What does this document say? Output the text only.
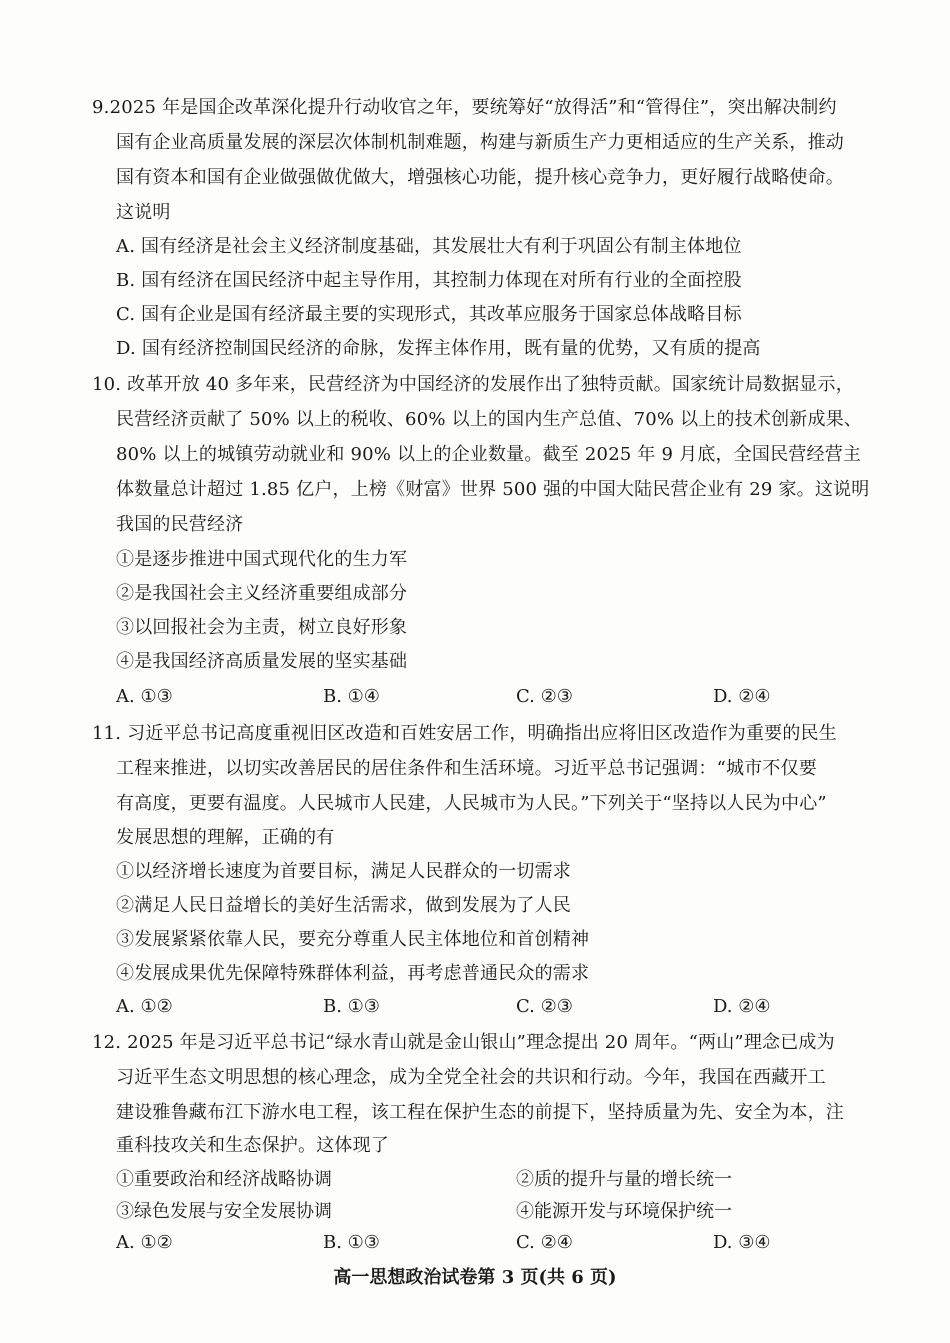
9.2025 年是国企改革深化提升行动收官之年，要统筹好“放得活”和“管得住”，突出解决制约
国有企业高质量发展的深层次体制机制难题，构建与新质生产力更相适应的生产关系，推动
国有资本和国有企业做强做优做大，增强核心功能，提升核心竞争力，更好履行战略使命。
这说明
A. 国有经济是社会主义经济制度基础，其发展壮大有利于巩固公有制主体地位
B. 国有经济在国民经济中起主导作用，其控制力体现在对所有行业的全面控股
C. 国有企业是国有经济最主要的实现形式，其改革应服务于国家总体战略目标
D. 国有经济控制国民经济的命脉，发挥主体作用，既有量的优势，又有质的提高
10. 改革开放 40 多年来，民营经济为中国经济的发展作出了独特贡献。国家统计局数据显示，
民营经济贡献了 50% 以上的税收、60% 以上的国内生产总值、70% 以上的技术创新成果、
80% 以上的城镇劳动就业和 90% 以上的企业数量。截至 2025 年 9 月底，全国民营经营主
体数量总计超过 1.85 亿户，上榜《财富》世界 500 强的中国大陆民营企业有 29 家。这说明
我国的民营经济
①是逐步推进中国式现代化的生力军
②是我国社会主义经济重要组成部分
③以回报社会为主责，树立良好形象
④是我国经济高质量发展的坚实基础
A. ①③	B. ①④	C. ②③	D. ②④
11. 习近平总书记高度重视旧区改造和百姓安居工作，明确指出应将旧区改造作为重要的民生
工程来推进，以切实改善居民的居住条件和生活环境。习近平总书记强调：“城市不仅要
有高度，更要有温度。人民城市人民建，人民城市为人民。”下列关于“坚持以人民为中心”
发展思想的理解，正确的有
①以经济增长速度为首要目标，满足人民群众的一切需求
②满足人民日益增长的美好生活需求，做到发展为了人民
③发展紧紧依靠人民，要充分尊重人民主体地位和首创精神
④发展成果优先保障特殊群体利益，再考虑普通民众的需求
A. ①②	B. ①③	C. ②③	D. ②④
12. 2025 年是习近平总书记“绿水青山就是金山银山”理念提出 20 周年。“两山”理念已成为
习近平生态文明思想的核心理念，成为全党全社会的共识和行动。今年，我国在西藏开工
建设雅鲁藏布江下游水电工程，该工程在保护生态的前提下，坚持质量为先、安全为本，注
重科技攻关和生态保护。这体现了
①重要政治和经济战略协调	②质的提升与量的增长统一
③绿色发展与安全发展协调	④能源开发与环境保护统一
A. ①②	B. ①③	C. ②④	D. ③④
高一思想政治试卷第 3 页(共 6 页)
